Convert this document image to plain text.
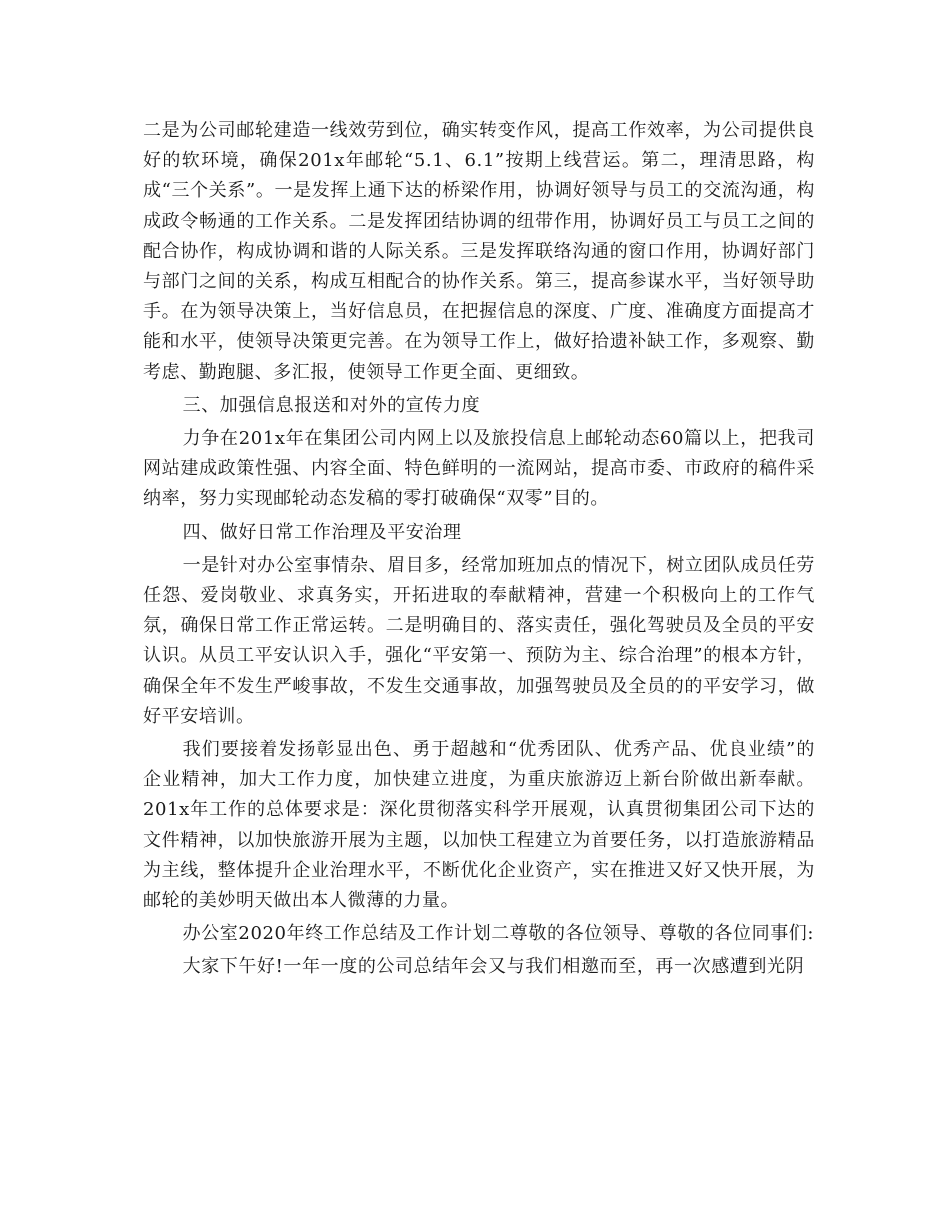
二是为公司邮轮建造一线效劳到位，确实转变作风，提高工作效率，为公司提供良好的软环境，确保201x年邮轮“5.1、6.1”按期上线营运。第二，理清思路，构成“三个关系”。一是发挥上通下达的桥梁作用，协调好领导与员工的交流沟通，构成政令畅通的工作关系。二是发挥团结协调的纽带作用，协调好员工与员工之间的配合协作，构成协调和谐的人际关系。三是发挥联络沟通的窗口作用，协调好部门与部门之间的关系，构成互相配合的协作关系。第三，提高参谋水平，当好领导助手。在为领导决策上，当好信息员，在把握信息的深度、广度、准确度方面提高才能和水平，使领导决策更完善。在为领导工作上，做好拾遗补缺工作，多观察、勤考虑、勤跑腿、多汇报，使领导工作更全面、更细致。

三、加强信息报送和对外的宣传力度

力争在201x年在集团公司内网上以及旅投信息上邮轮动态60篇以上，把我司网站建成政策性强、内容全面、特色鲜明的一流网站，提高市委、市政府的稿件采纳率，努力实现邮轮动态发稿的零打破确保“双零”目的。

四、做好日常工作治理及平安治理

一是针对办公室事情杂、眉目多，经常加班加点的情况下，树立团队成员任劳任怨、爱岗敬业、求真务实，开拓进取的奉献精神，营建一个积极向上的工作气氛，确保日常工作正常运转。二是明确目的、落实责任，强化驾驶员及全员的平安认识。从员工平安认识入手，强化“平安第一、预防为主、综合治理”的根本方针，确保全年不发生严峻事故，不发生交通事故，加强驾驶员及全员的的平安学习，做好平安培训。

我们要接着发扬彰显出色、勇于超越和“优秀团队、优秀产品、优良业绩”的企业精神，加大工作力度，加快建立进度，为重庆旅游迈上新台阶做出新奉献。201x年工作的总体要求是：深化贯彻落实科学开展观，认真贯彻集团公司下达的文件精神，以加快旅游开展为主题，以加快工程建立为首要任务，以打造旅游精品为主线，整体提升企业治理水平，不断优化企业资产，实在推进又好又快开展，为邮轮的美妙明天做出本人微薄的力量。

办公室2020年终工作总结及工作计划二尊敬的各位领导、尊敬的各位同事们:

大家下午好!一年一度的公司总结年会又与我们相邀而至，再一次感遭到光阴
